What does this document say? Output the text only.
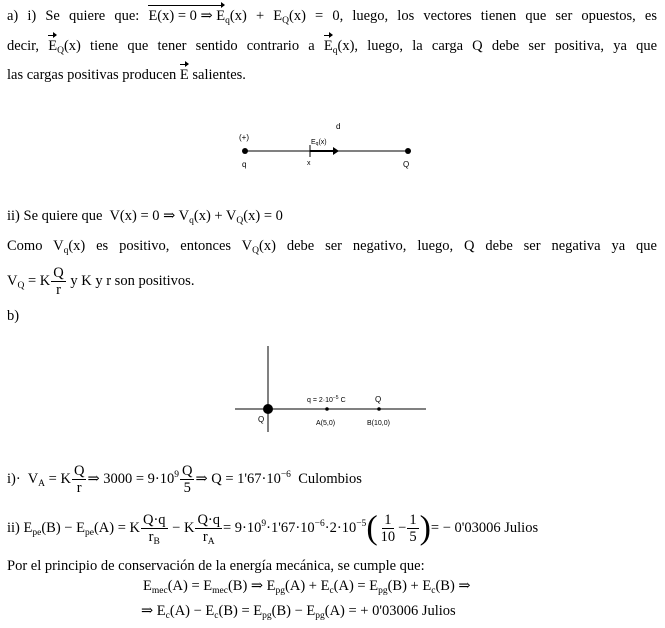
a) i) Se quiere que: E(x) = 0 ⇒ $E_q(x) + E_Q(x) = 0$, luego, los vectores tienen que ser opuestos, es
decir, $E_Q(x)$ tiene que tener sentido contrario a $E_q(x)$, luego, la carga Q debe ser positiva, ya que
las cargas positivas producen E salientes.
d
(+)
Eq(x)
q	x	Q
ii) Se quiere que V(x) = 0 ⇒ $V_q(x) + V_Q(x) = 0$
Como $V_q(x)$ es positivo, entonces $V_Q(x)$ debe ser negativo, luego, Q debe ser negativa ya que
$V_Q = K \frac{Q}{r}$ y K y r son positivos.
b)
$q = 2\cdot 10^{-5}$ C	Q
Q	A(5,0)	B(10,0)
$i)\cdot V_A = K \frac{Q}{r}$ ⇒ $3000 = 9\cdot 10^9 \frac{Q}{5}$ ⇒ $Q = 1'67\cdot 10^{-6}$ Culombios
ii) $E_{pe}(B) - E_{pe}(A) = K \frac{Q\cdot q}{r_B} - K \frac{Q\cdot q}{r_A} = 9\cdot 10^9\cdot 1'67\cdot 10^{-6}\cdot 2\cdot 10^{-5}( \frac{1}{10} - \frac{1}{5}$ )= − 0'03006 Julios
Por el principio de conservación de la energía mecánica, se cumple que:
$E_{mec}(A) = E_{mec}(B)$ ⇒ $E_{pg}(A) + E_c(A) = E_{pg}(B) + E_c(B)$ ⇒
⇒ $E_c(A) - E_c(B) = E_{pg}(B) - E_{pg}(A)$ = + 0'03006 Julios
